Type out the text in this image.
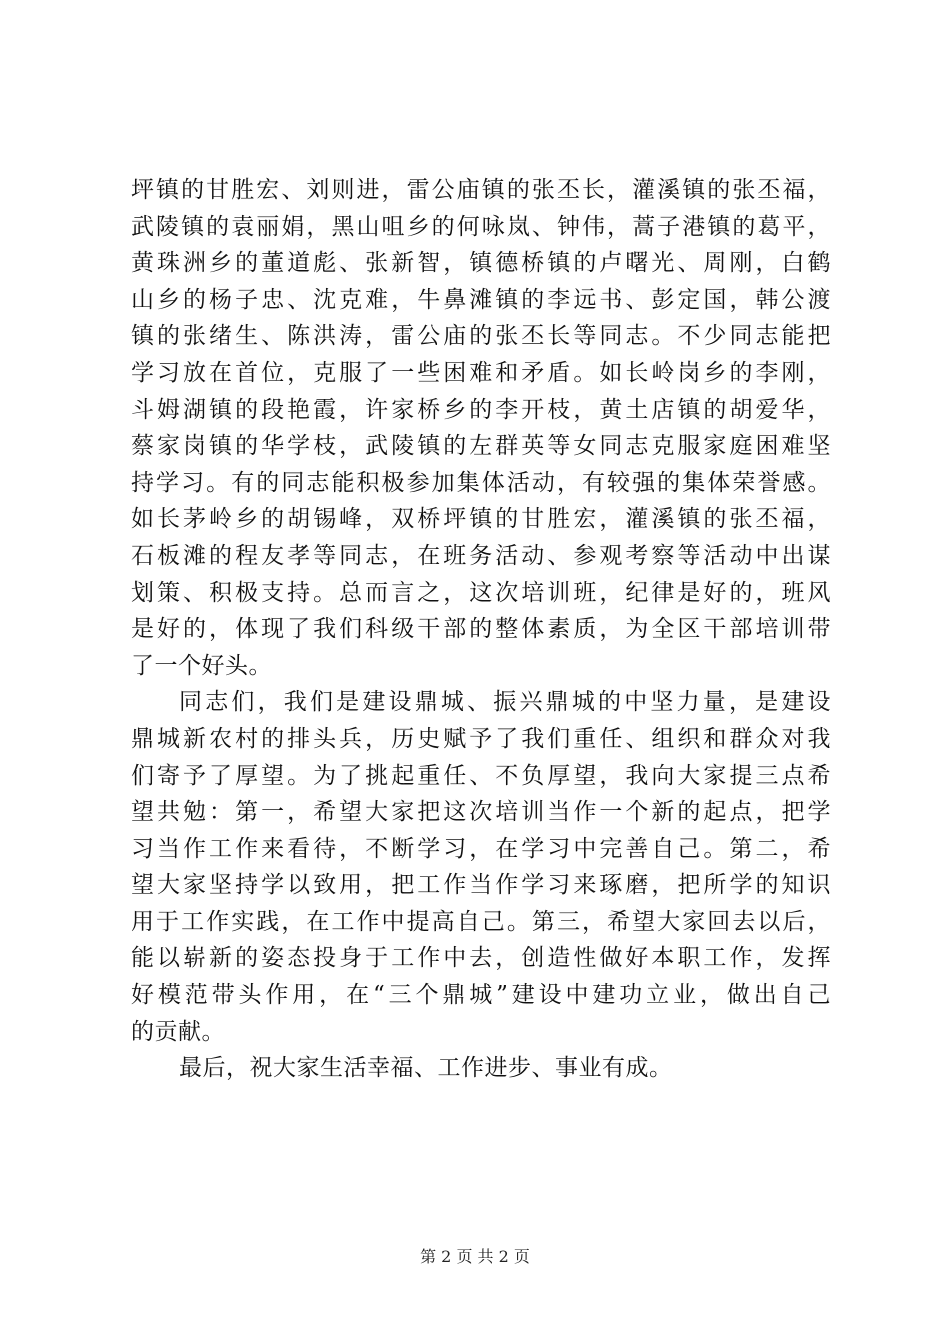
坪镇的甘胜宏、刘则进，雷公庙镇的张丕长，灌溪镇的张丕福，
武陵镇的袁丽娟，黑山咀乡的何咏岚、钟伟，蒿子港镇的葛平，
黄珠洲乡的董道彪、张新智，镇德桥镇的卢曙光、周刚，白鹤
山乡的杨子忠、沈克难，牛鼻滩镇的李远书、彭定国，韩公渡
镇的张绪生、陈洪涛，雷公庙的张丕长等同志。不少同志能把
学习放在首位，克服了一些困难和矛盾。如长岭岗乡的李刚，
斗姆湖镇的段艳霞，许家桥乡的李开枝，黄土店镇的胡爱华，
蔡家岗镇的华学枝，武陵镇的左群英等女同志克服家庭困难坚
持学习。有的同志能积极参加集体活动，有较强的集体荣誉感。
如长茅岭乡的胡锡峰，双桥坪镇的甘胜宏，灌溪镇的张丕福，
石板滩的程友孝等同志，在班务活动、参观考察等活动中出谋
划策、积极支持。总而言之，这次培训班，纪律是好的，班风
是好的，体现了我们科级干部的整体素质，为全区干部培训带
了一个好头。
同志们，我们是建设鼎城、振兴鼎城的中坚力量，是建设
鼎城新农村的排头兵，历史赋予了我们重任、组织和群众对我
们寄予了厚望。为了挑起重任、不负厚望，我向大家提三点希
望共勉：第一，希望大家把这次培训当作一个新的起点，把学
习当作工作来看待，不断学习，在学习中完善自己。第二，希
望大家坚持学以致用，把工作当作学习来琢磨，把所学的知识
用于工作实践，在工作中提高自己。第三，希望大家回去以后，
能以崭新的姿态投身于工作中去，创造性做好本职工作，发挥
好模范带头作用，在“三个鼎城”建设中建功立业，做出自己
的贡献。
最后，祝大家生活幸福、工作进步、事业有成。
第 2 页 共 2 页
